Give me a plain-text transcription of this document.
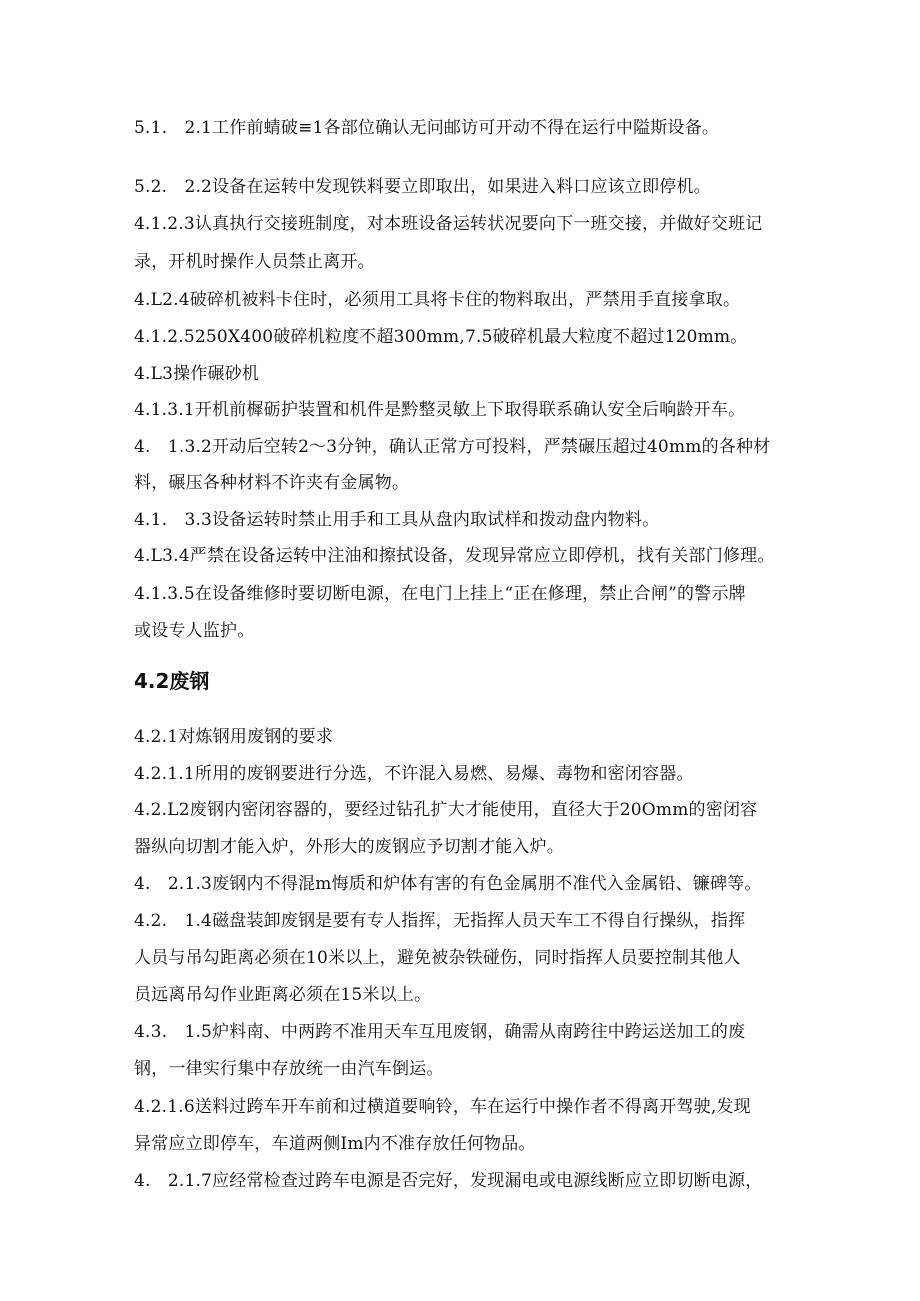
5.1.　2.1工作前蜻破≡1各部位确认无问邮访可开动不得在运行中隘斯设备。
5.2.　2.2设备在运转中发现铁料要立即取出，如果进入料口应该立即停机。
4.1.2.3认真执行交接班制度，对本班设备运转状况要向下一班交接，并做好交班记
录，开机时操作人员禁止离开。
4.L2.4破碎机被料卡住时，必须用工具将卡住的物料取出，严禁用手直接拿取。
4.1.2.5250X400破碎机粒度不超300mm,7.5破碎机最大粒度不超过120mm。
4.L3操作碾砂机
4.1.3.1开机前樨砺护装置和机件是黔整灵敏上下取得联系确认安全后响龄开车。
4.　1.3.2开动后空转2～3分钟，确认正常方可投料，严禁碾压超过40mm的各种材
料，碾压各种材料不许夹有金属物。
4.1.　3.3设备运转时禁止用手和工具从盘内取试样和拨动盘内物料。
4.L3.4严禁在设备运转中注油和擦拭设备，发现异常应立即停机，找有关部门修理。
4.1.3.5在设备维修时要切断电源，在电门上挂上“正在修理，禁止合闸”的警示牌
或设专人监护。
4.2废钢
4.2.1对炼钢用废钢的要求
4.2.1.1所用的废钢要进行分选，不许混入易燃、易爆、毒物和密闭容器。
4.2.L2废钢内密闭容器的，要经过钻孔扩大才能使用，直径大于20Omm的密闭容
器纵向切割才能入炉，外形大的废钢应予切割才能入炉。
4.　2.1.3废钢内不得混m悔质和炉体有害的有色金属朋不准代入金属铅、镰碑等。
4.2.　1.4磁盘装卸废钢是要有专人指挥，无指挥人员天车工不得自行操纵，指挥
人员与吊勾距离必须在10米以上，避免被杂铁碰伤，同时指挥人员要控制其他人
员远离吊勾作业距离必须在15米以上。
4.3.　1.5炉料南、中两跨不准用天车互甩废钢，确需从南跨往中跨运送加工的废
钢，一律实行集中存放统一由汽车倒运。
4.2.1.6送料过跨车开车前和过横道要响铃，车在运行中操作者不得离开驾驶,发现
异常应立即停车，车道两侧Im内不准存放任何物品。
4.　2.1.7应经常检查过跨车电源是否完好，发现漏电或电源线断应立即切断电源，
